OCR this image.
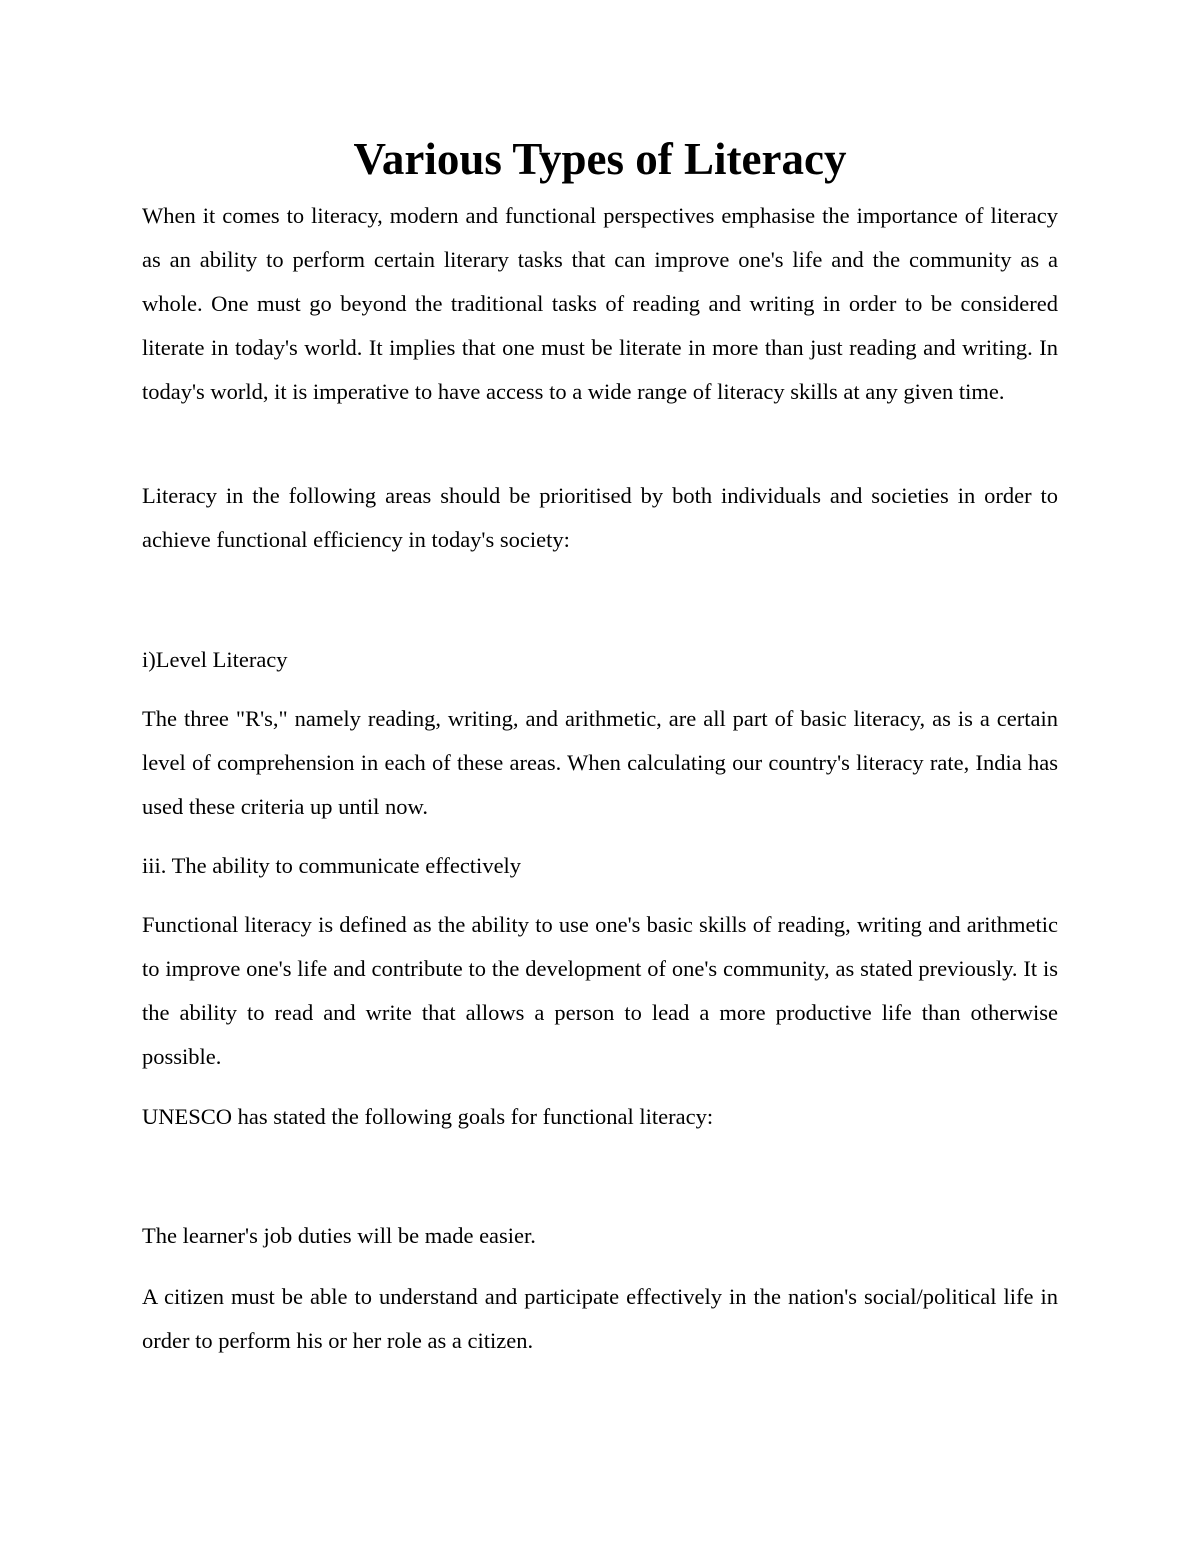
Various Types of Literacy

When it comes to literacy, modern and functional perspectives emphasise the importance of literacy as an ability to perform certain literary tasks that can improve one's life and the community as a whole. One must go beyond the traditional tasks of reading and writing in order to be considered literate in today's world. It implies that one must be literate in more than just reading and writing. In today's world, it is imperative to have access to a wide range of literacy skills at any given time.

Literacy in the following areas should be prioritised by both individuals and societies in order to achieve functional efficiency in today's society:

i)Level Literacy

The three "R's," namely reading, writing, and arithmetic, are all part of basic literacy, as is a certain level of comprehension in each of these areas. When calculating our country's literacy rate, India has used these criteria up until now.

iii. The ability to communicate effectively

Functional literacy is defined as the ability to use one's basic skills of reading, writing and arithmetic to improve one's life and contribute to the development of one's community, as stated previously. It is the ability to read and write that allows a person to lead a more productive life than otherwise possible.

UNESCO has stated the following goals for functional literacy:

The learner's job duties will be made easier.

A citizen must be able to understand and participate effectively in the nation's social/political life in order to perform his or her role as a citizen.
